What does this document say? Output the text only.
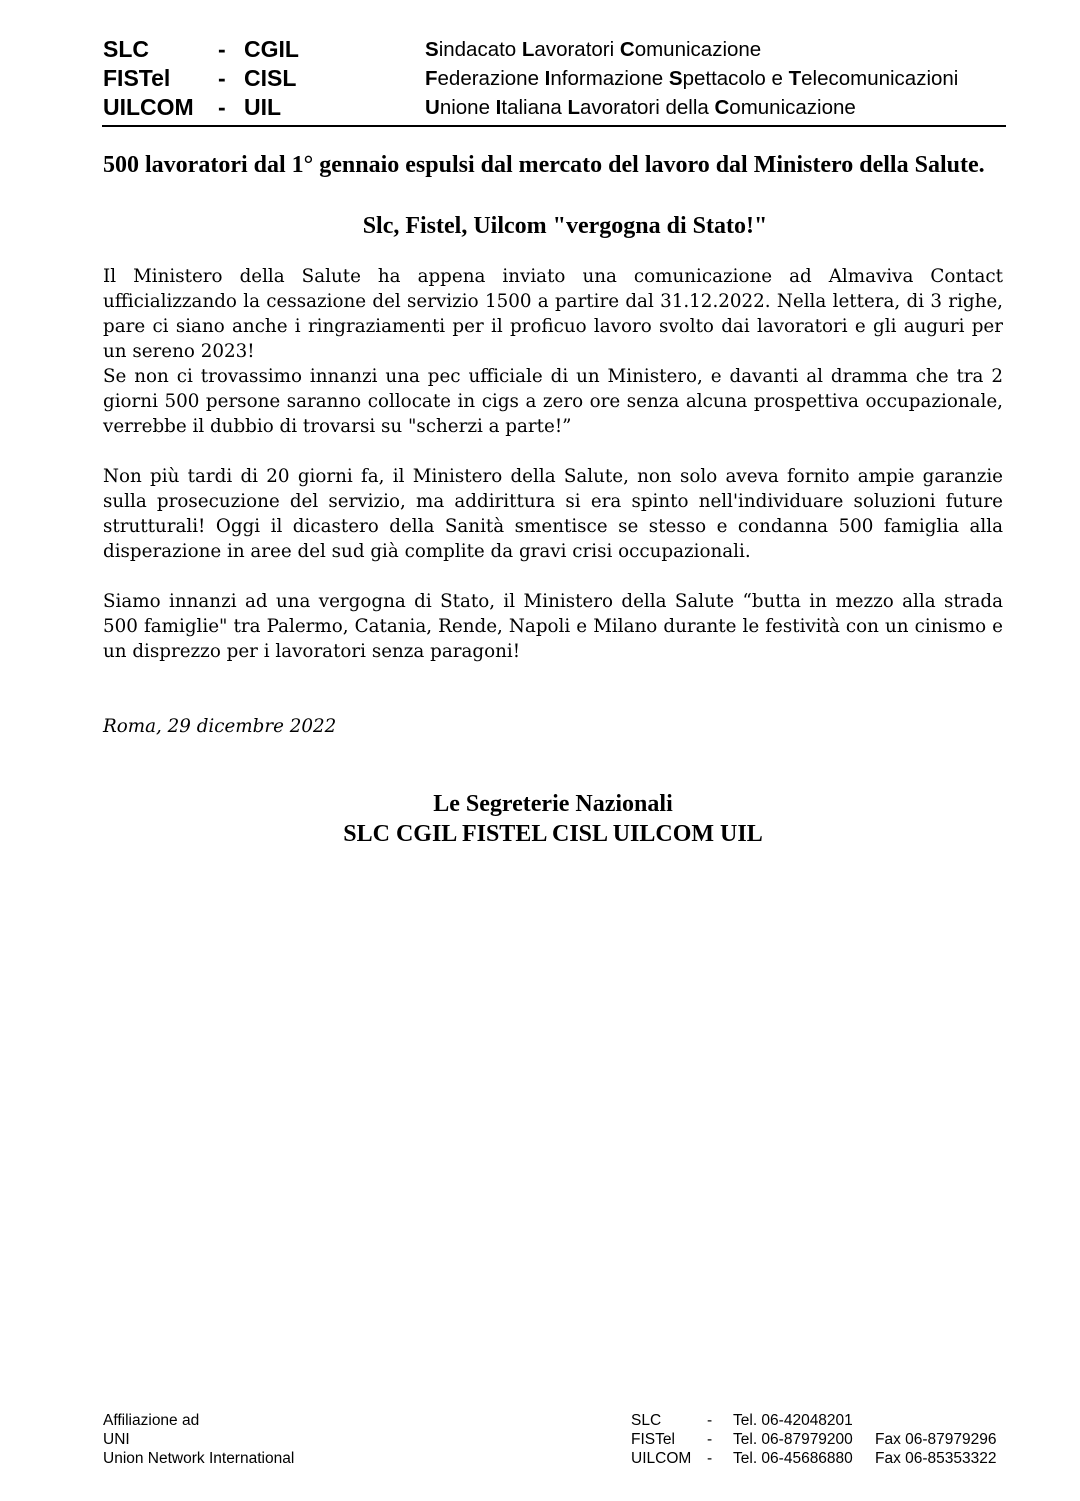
SLC	- CGIL	Sindacato Lavoratori Comunicazione
FISTel - CISL	Federazione Informazione Spettacolo e Telecomunicazioni
UILCOM - UIL	Unione Italiana Lavoratori della Comunicazione
500 lavoratori dal 1° gennaio espulsi dal mercato del lavoro dal Ministero della Salute.
Slc, Fistel, Uilcom "vergogna di Stato!"
Il Ministero della Salute ha appena inviato una comunicazione ad Almaviva Contact ufficializzando la cessazione del servizio 1500 a partire dal 31.12.2022. Nella lettera, di 3 righe, pare ci siano anche i ringraziamenti per il proficuo lavoro svolto dai lavoratori e gli auguri per un sereno 2023!
Se non ci trovassimo innanzi una pec ufficiale di un Ministero, e davanti al dramma che tra 2 giorni 500 persone saranno collocate in cigs a zero ore senza alcuna prospettiva occupazionale, verrebbe il dubbio di trovarsi su "scherzi a parte!”
Non più tardi di 20 giorni fa, il Ministero della Salute, non solo aveva fornito ampie garanzie sulla prosecuzione del servizio, ma addirittura si era spinto nell'individuare soluzioni future strutturali! Oggi il dicastero della Sanità smentisce se stesso e condanna 500 famiglia alla disperazione in aree del sud già complite da gravi crisi occupazionali.
Siamo innanzi ad una vergogna di Stato, il Ministero della Salute “butta in mezzo alla strada 500 famiglie" tra Palermo, Catania, Rende, Napoli e Milano durante le festività con un cinismo e un disprezzo per i lavoratori senza paragoni!
Roma, 29 dicembre 2022
Le Segreterie Nazionali
SLC CGIL FISTEL CISL UILCOM UIL
Affiliazione ad
UNI
Union Network International
SLC	- Tel. 06-42048201
FISTel - Tel. 06-87979200 Fax 06-87979296
UILCOM - Tel. 06-45686880 Fax 06-85353322
